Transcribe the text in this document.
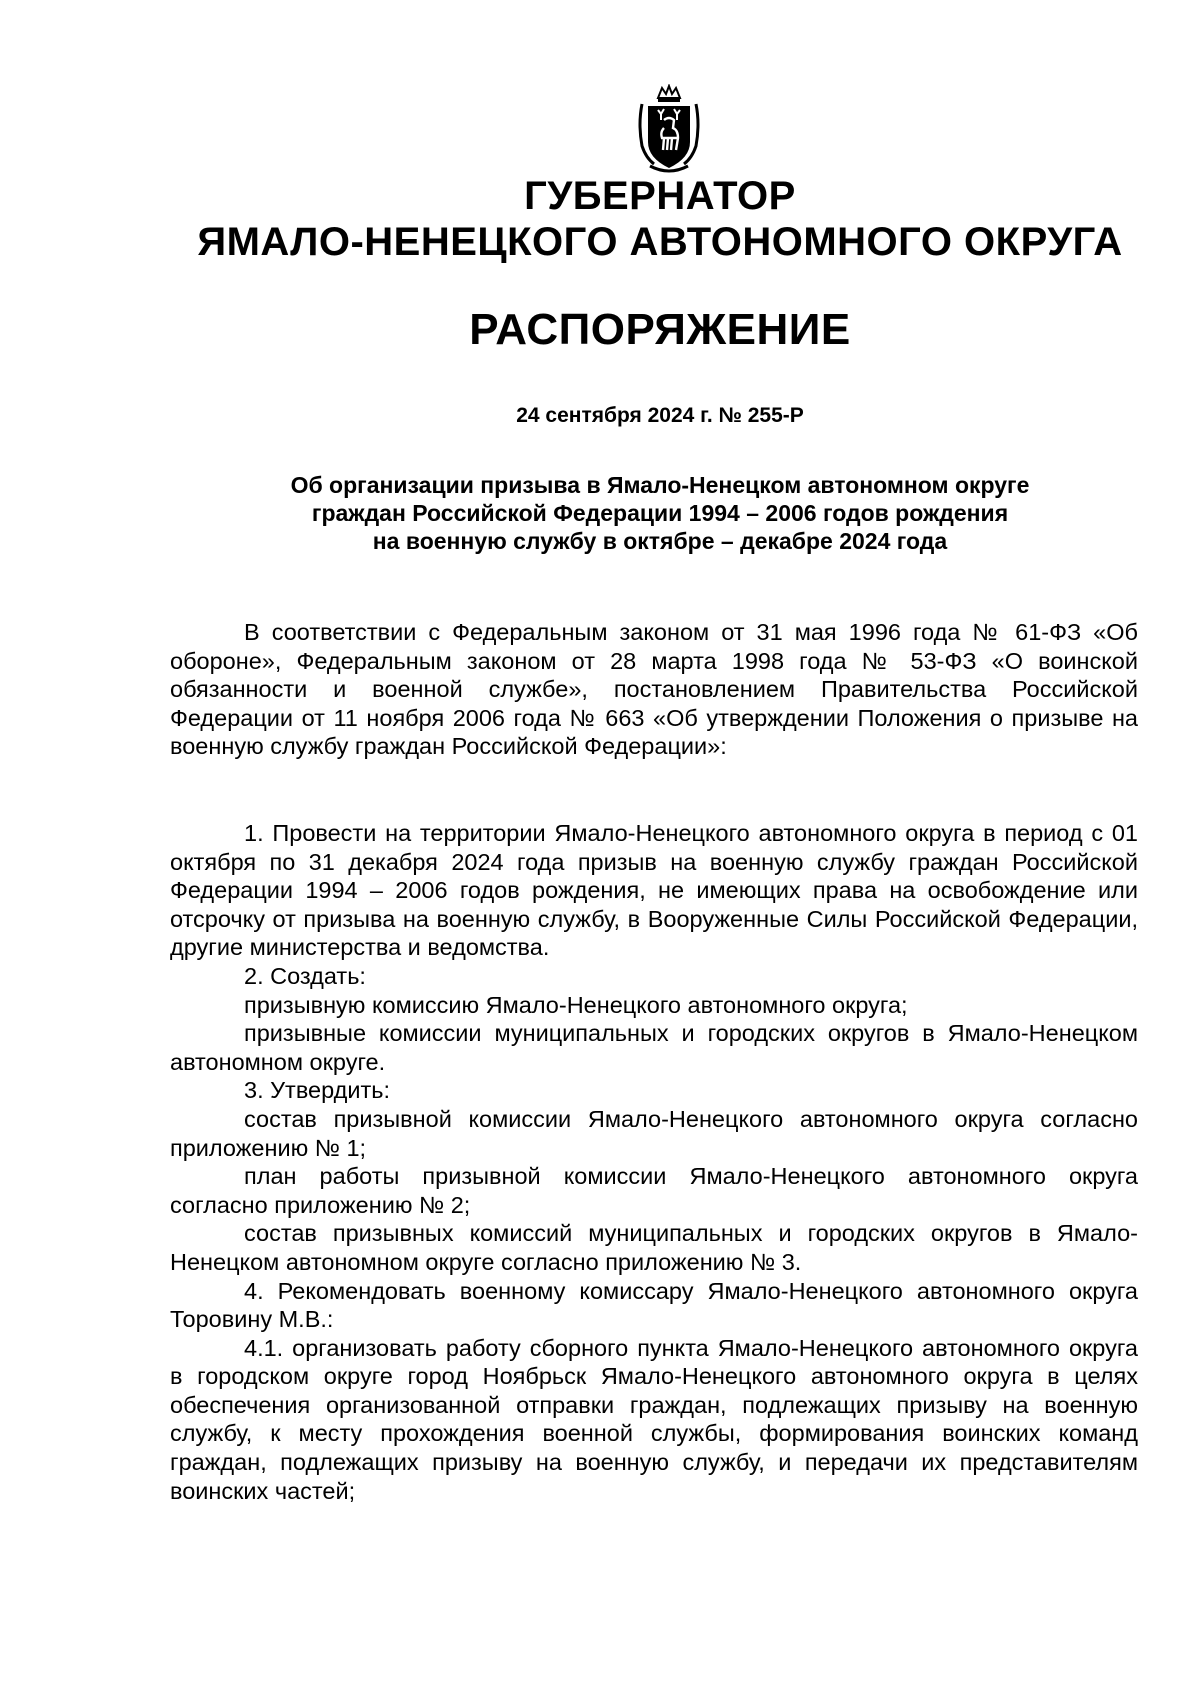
ГУБЕРНАТОР
ЯМАЛО-НЕНЕЦКОГО АВТОНОМНОГО ОКРУГА
РАСПОРЯЖЕНИЕ
24 сентября 2024 г. № 255-Р
Об организации призыва в Ямало-Ненецком автономном округе
граждан Российской Федерации 1994 – 2006 годов рождения
на военную службу в октябре – декабре 2024 года

В соответствии с Федеральным законом от 31 мая 1996 года № 61-ФЗ «Об обороне», Федеральным законом от 28 марта 1998 года № 53-ФЗ «О воинской обязанности и военной службе», постановлением Правительства Российской Федерации от 11 ноября 2006 года № 663 «Об утверждении Положения о призыве на военную службу граждан Российской Федерации»:

1. Провести на территории Ямало-Ненецкого автономного округа в период с 01 октября по 31 декабря 2024 года призыв на военную службу граждан Российской Федерации 1994 – 2006 годов рождения, не имеющих права на освобождение или отсрочку от призыва на военную службу, в Вооруженные Силы Российской Федерации, другие министерства и ведомства.

2. Создать:

призывную комиссию Ямало-Ненецкого автономного округа;

призывные комиссии муниципальных и городских округов в Ямало-Ненецком автономном округе.

3. Утвердить:

состав призывной комиссии Ямало-Ненецкого автономного округа согласно приложению № 1;

план работы призывной комиссии Ямало-Ненецкого автономного округа согласно приложению № 2;

состав призывных комиссий муниципальных и городских округов в Ямало-Ненецком автономном округе согласно приложению № 3.

4. Рекомендовать военному комиссару Ямало-Ненецкого автономного округа Торовину М.В.:

4.1. организовать работу сборного пункта Ямало-Ненецкого автономного округа в городском округе город Ноябрьск Ямало-Ненецкого автономного округа в целях обеспечения организованной отправки граждан, подлежащих призыву на военную службу, к месту прохождения военной службы, формирования воинских команд граждан, подлежащих призыву на военную службу, и передачи их представителям воинских частей;
